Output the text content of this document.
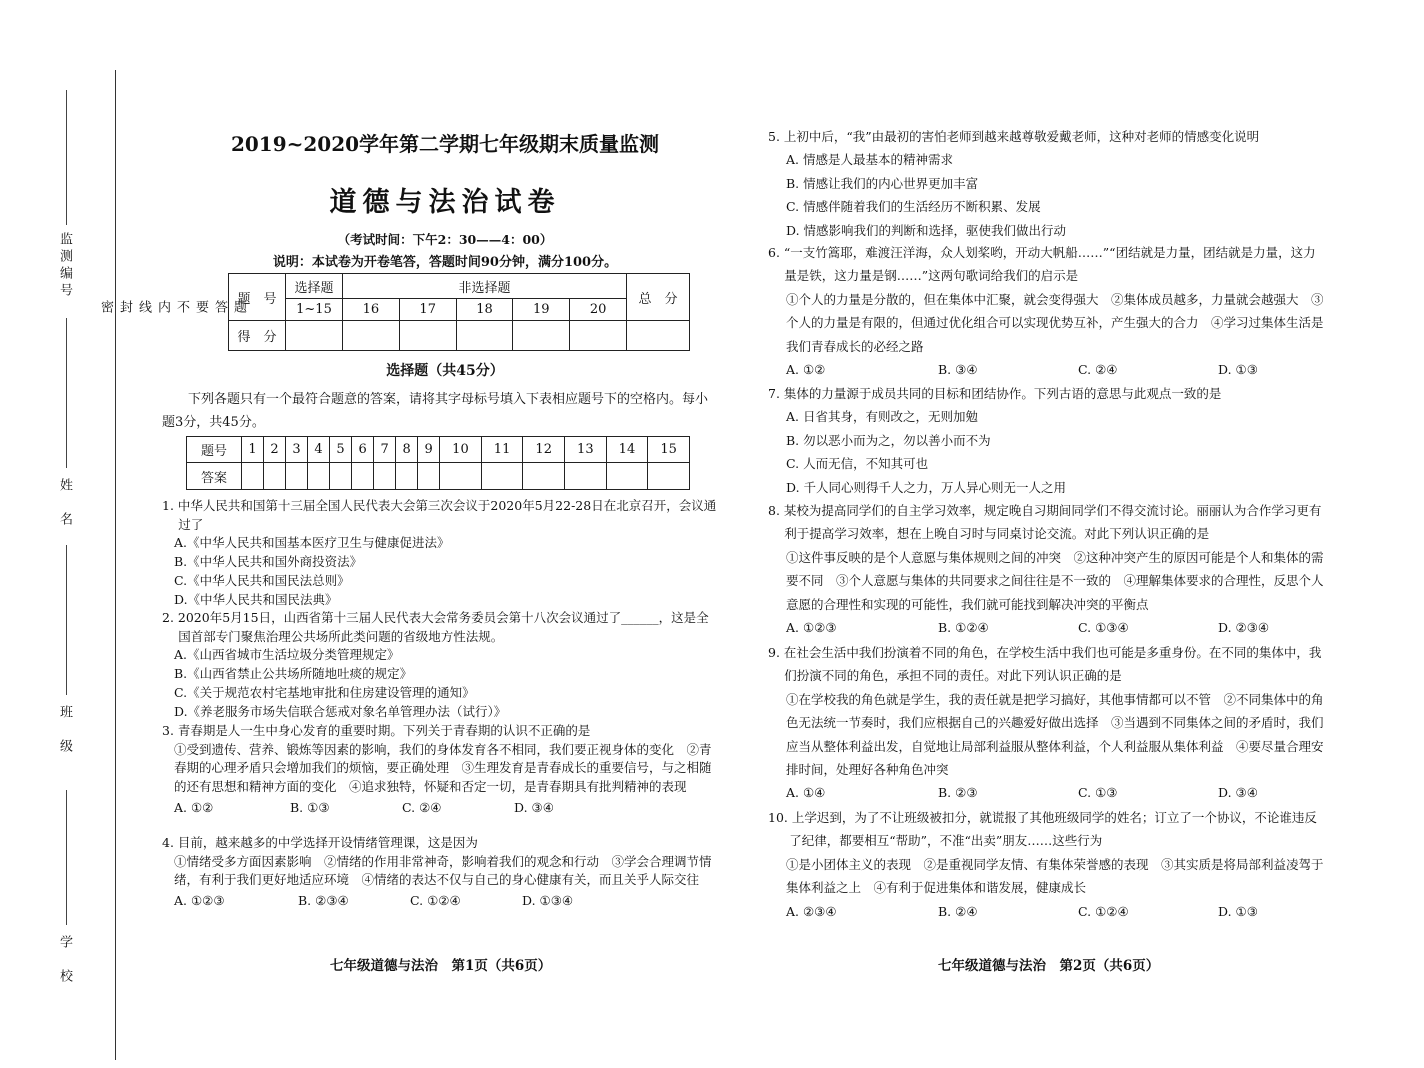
监测编号
姓　名
班　级
学　校
密 封 线 内 不 要 答 题
2019~2020学年第二学期七年级期末质量监测
道德与法治试卷
（考试时间：下午2：30——4：00）
说明：本试卷为开卷笔答，答题时间90分钟，满分100分。
题　号	选择题	非选择题					总　分
	1~15	16	17	18	19	20	
得　分							
选择题（共45分）
下列各题只有一个最符合题意的答案，请将其字母标号填入下表相应题号下的空格内。每小题3分，共45分。
题号	1	2	3	4	5	6	7	8	9	10	11	12	13	14	15
答案															

1. 中华人民共和国第十三届全国人民代表大会第三次会议于2020年5月22-28日在北京召开，会议通过了

A.《中华人民共和国基本医疗卫生与健康促进法》

B.《中华人民共和国外商投资法》

C.《中华人民共和国民法总则》

D.《中华人民共和国民法典》

2. 2020年5月15日，山西省第十三届人民代表大会常务委员会第十八次会议通过了______，这是全国首部专门聚焦治理公共场所此类问题的省级地方性法规。

A.《山西省城市生活垃圾分类管理规定》

B.《山西省禁止公共场所随地吐痰的规定》

C.《关于规范农村宅基地审批和住房建设管理的通知》

D.《养老服务市场失信联合惩戒对象名单管理办法（试行）》

3. 青春期是人一生中身心发育的重要时期。下列关于青春期的认识不正确的是

①受到遗传、营养、锻炼等因素的影响，我们的身体发育各不相同，我们要正视身体的变化　②青春期的心理矛盾只会增加我们的烦恼，要正确处理　③生理发育是青春成长的重要信号，与之相随的还有思想和精神方面的变化　④追求独特，怀疑和否定一切，是青春期具有批判精神的表现

A. ①②	B. ①③	C. ②④	D. ③④

4. 目前，越来越多的中学选择开设情绪管理课，这是因为

①情绪受多方面因素影响　②情绪的作用非常神奇，影响着我们的观念和行动　③学会合理调节情绪，有利于我们更好地适应环境　④情绪的表达不仅与自己的身心健康有关，而且关乎人际交往

A. ①②③	B. ②③④	C. ①②④	D. ①③④
七年级道德与法治　第1页（共6页）

5. 上初中后，“我”由最初的害怕老师到越来越尊敬爱戴老师，这种对老师的情感变化说明

A. 情感是人最基本的精神需求

B. 情感让我们的内心世界更加丰富

C. 情感伴随着我们的生活经历不断积累、发展

D. 情感影响我们的判断和选择，驱使我们做出行动

6. “一支竹篙耶，难渡汪洋海，众人划桨哟，开动大帆船……”“团结就是力量，团结就是力量，这力量是铁，这力量是钢……”这两句歌词给我们的启示是

①个人的力量是分散的，但在集体中汇聚，就会变得强大　②集体成员越多，力量就会越强大　③个人的力量是有限的，但通过优化组合可以实现优势互补，产生强大的合力　④学习过集体生活是我们青春成长的必经之路

A. ①②	B. ③④	C. ②④	D. ①③

7. 集体的力量源于成员共同的目标和团结协作。下列古语的意思与此观点一致的是

A. 日省其身，有则改之，无则加勉

B. 勿以恶小而为之，勿以善小而不为

C. 人而无信，不知其可也

D. 千人同心则得千人之力，万人异心则无一人之用

8. 某校为提高同学们的自主学习效率，规定晚自习期间同学们不得交流讨论。丽丽认为合作学习更有利于提高学习效率，想在上晚自习时与同桌讨论交流。对此下列认识正确的是

①这件事反映的是个人意愿与集体规则之间的冲突　②这种冲突产生的原因可能是个人和集体的需要不同　③个人意愿与集体的共同要求之间往往是不一致的　④理解集体要求的合理性，反思个人意愿的合理性和实现的可能性，我们就可能找到解决冲突的平衡点

A. ①②③	B. ①②④	C. ①③④	D. ②③④

9. 在社会生活中我们扮演着不同的角色，在学校生活中我们也可能是多重身份。在不同的集体中，我们扮演不同的角色，承担不同的责任。对此下列认识正确的是

①在学校我的角色就是学生，我的责任就是把学习搞好，其他事情都可以不管　②不同集体中的角色无法统一节奏时，我们应根据自己的兴趣爱好做出选择　③当遇到不同集体之间的矛盾时，我们应当从整体利益出发，自觉地让局部利益服从整体利益，个人利益服从集体利益　④要尽量合理安排时间，处理好各种角色冲突

A. ①④	B. ②③	C. ①③	D. ③④

10. 上学迟到，为了不让班级被扣分，就谎报了其他班级同学的姓名；订立了一个协议，不论谁违反了纪律，都要相互“帮助”，不准“出卖”朋友……这些行为

①是小团体主义的表现　②是重视同学友情、有集体荣誉感的表现　③其实质是将局部利益凌驾于集体利益之上　④有利于促进集体和谐发展，健康成长

A. ②③④	B. ②④	C. ①②④	D. ①③
七年级道德与法治　第2页（共6页）
